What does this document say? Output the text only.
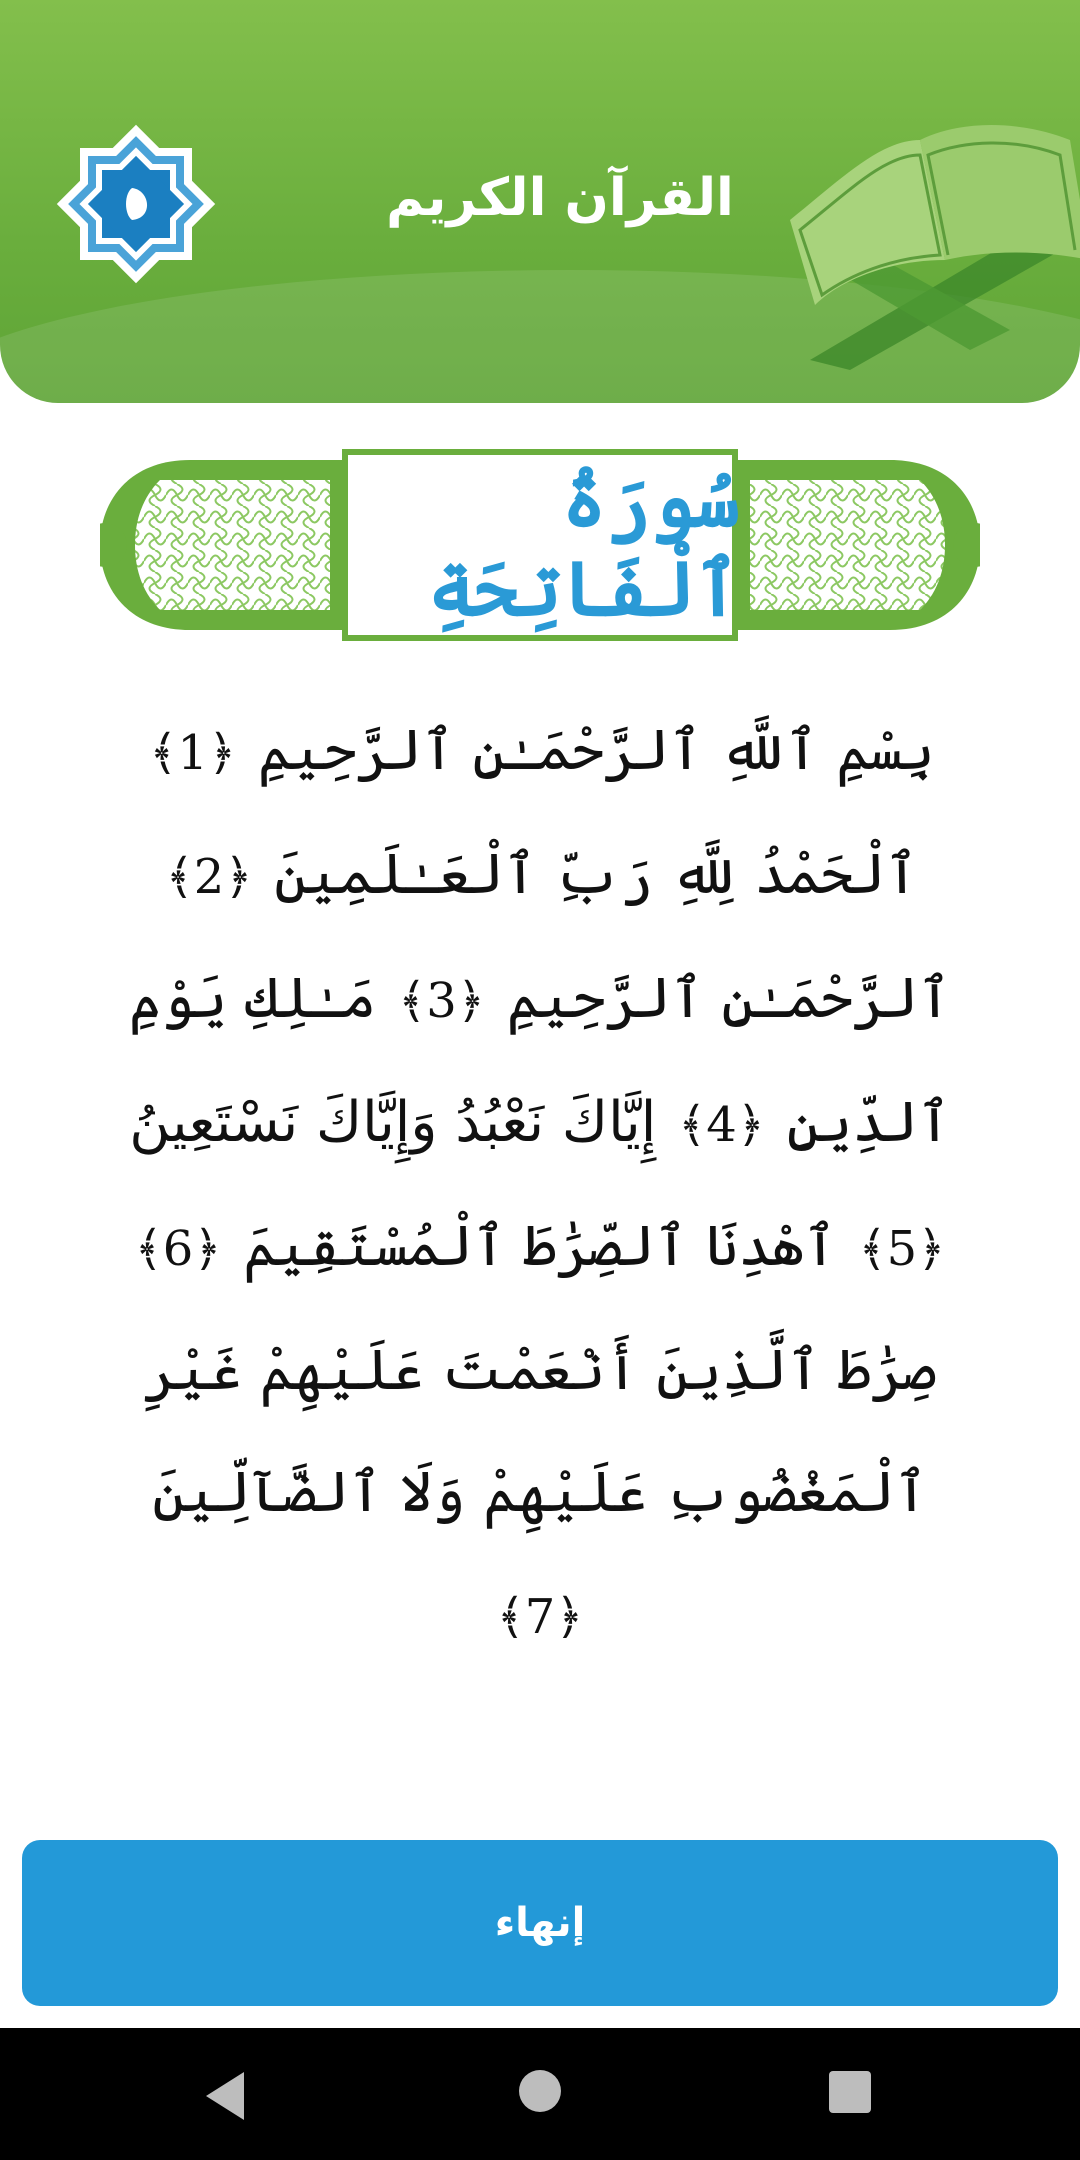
القرآن الكريم
سُورَةُ ٱلْفَاتِحَةِ
بِسْمِ ٱللَّهِ ٱلرَّحْمَـٰنِ ٱلرَّحِيمِ ﴾1﴿ ٱلْحَمْدُ لِلَّهِ رَبِّ ٱلْعَـٰلَمِينَ ﴾2﴿ ٱلرَّحْمَـٰنِ ٱلرَّحِيمِ ﴾3﴿ مَـٰلِكِ يَوْمِ ٱلدِّينِ ﴾4﴿ إِيَّاكَ نَعْبُدُ وَإِيَّاكَ نَسْتَعِينُ ﴾5﴿ ٱهْدِنَا ٱلصِّرَٰطَ ٱلْمُسْتَقِيمَ ﴾6﴿ صِرَٰطَ ٱلَّذِينَ أَنْعَمْتَ عَلَيْهِمْ غَيْرِ ٱلْمَغْضُوبِ عَلَيْهِمْ وَلَا ٱلضَّآلِّينَ ﴾7﴿
إنهاء
